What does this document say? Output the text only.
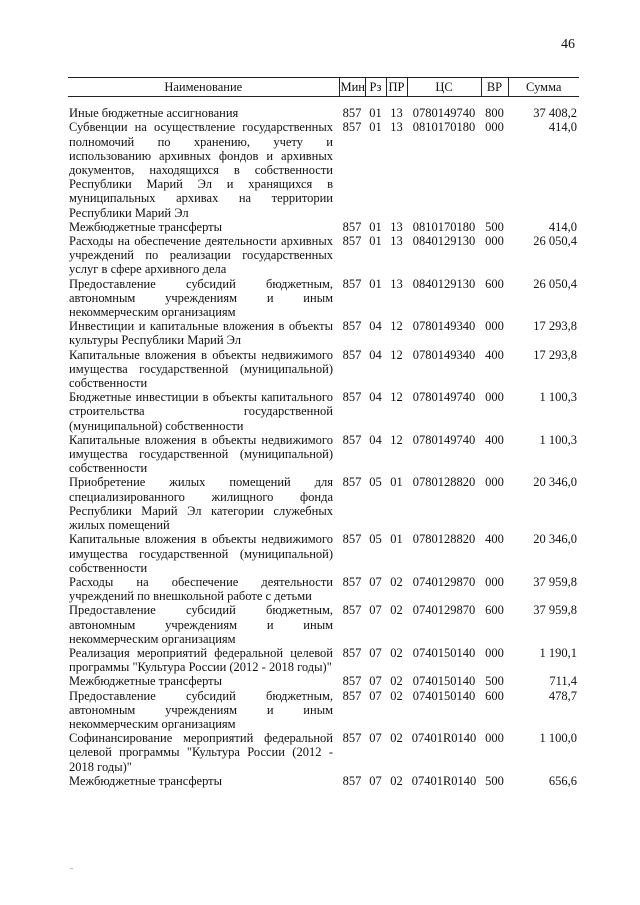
46
Наименование	Мин	Рз	ПР	ЦС	ВР	Сумма
Иные бюджетные ассигнования	857	01	13	0780149740	800	37 408,2
Субвенции на осуществление государственных полномочий по хранению, учету и использованию архивных фондов и архивных документов, находящихся в собственности Республики Марий Эл и хранящихся в муниципальных архивах на территории Республики Марий Эл	857	01	13	0810170180	000	414,0
Межбюджетные трансферты	857	01	13	0810170180	500	414,0
Расходы на обеспечение деятельности архивных учреждений по реализации государственных услуг в сфере архивного дела	857	01	13	0840129130	000	26 050,4
Предоставление субсидий бюджетным, автономным учреждениям и иным некоммерческим организациям	857	01	13	0840129130	600	26 050,4
Инвестиции и капитальные вложения в объекты культуры Республики Марий Эл	857	04	12	0780149340	000	17 293,8
Капитальные вложения в объекты недвижимого имущества государственной (муниципальной) собственности	857	04	12	0780149340	400	17 293,8
Бюджетные инвестиции в объекты капитального строительства государственной (муниципальной) собственности	857	04	12	0780149740	000	1 100,3
Капитальные вложения в объекты недвижимого имущества государственной (муниципальной) собственности	857	04	12	0780149740	400	1 100,3
Приобретение жилых помещений для специализированного жилищного фонда Республики Марий Эл категории служебных жилых помещений	857	05	01	0780128820	000	20 346,0
Капитальные вложения в объекты недвижимого имущества государственной (муниципальной) собственности	857	05	01	0780128820	400	20 346,0
Расходы на обеспечение деятельности учреждений по внешкольной работе с детьми	857	07	02	0740129870	000	37 959,8
Предоставление субсидий бюджетным, автономным учреждениям и иным некоммерческим организациям	857	07	02	0740129870	600	37 959,8
Реализация мероприятий федеральной целевой программы "Культура России (2012 - 2018 годы)"	857	07	02	0740150140	000	1 190,1
Межбюджетные трансферты	857	07	02	0740150140	500	711,4
Предоставление субсидий бюджетным, автономным учреждениям и иным некоммерческим организациям	857	07	02	0740150140	600	478,7
Софинансирование мероприятий федеральной целевой программы "Культура России (2012 - 2018 годы)"	857	07	02	07401R0140	000	1 100,0
Межбюджетные трансферты	857	07	02	07401R0140	500	656,6
